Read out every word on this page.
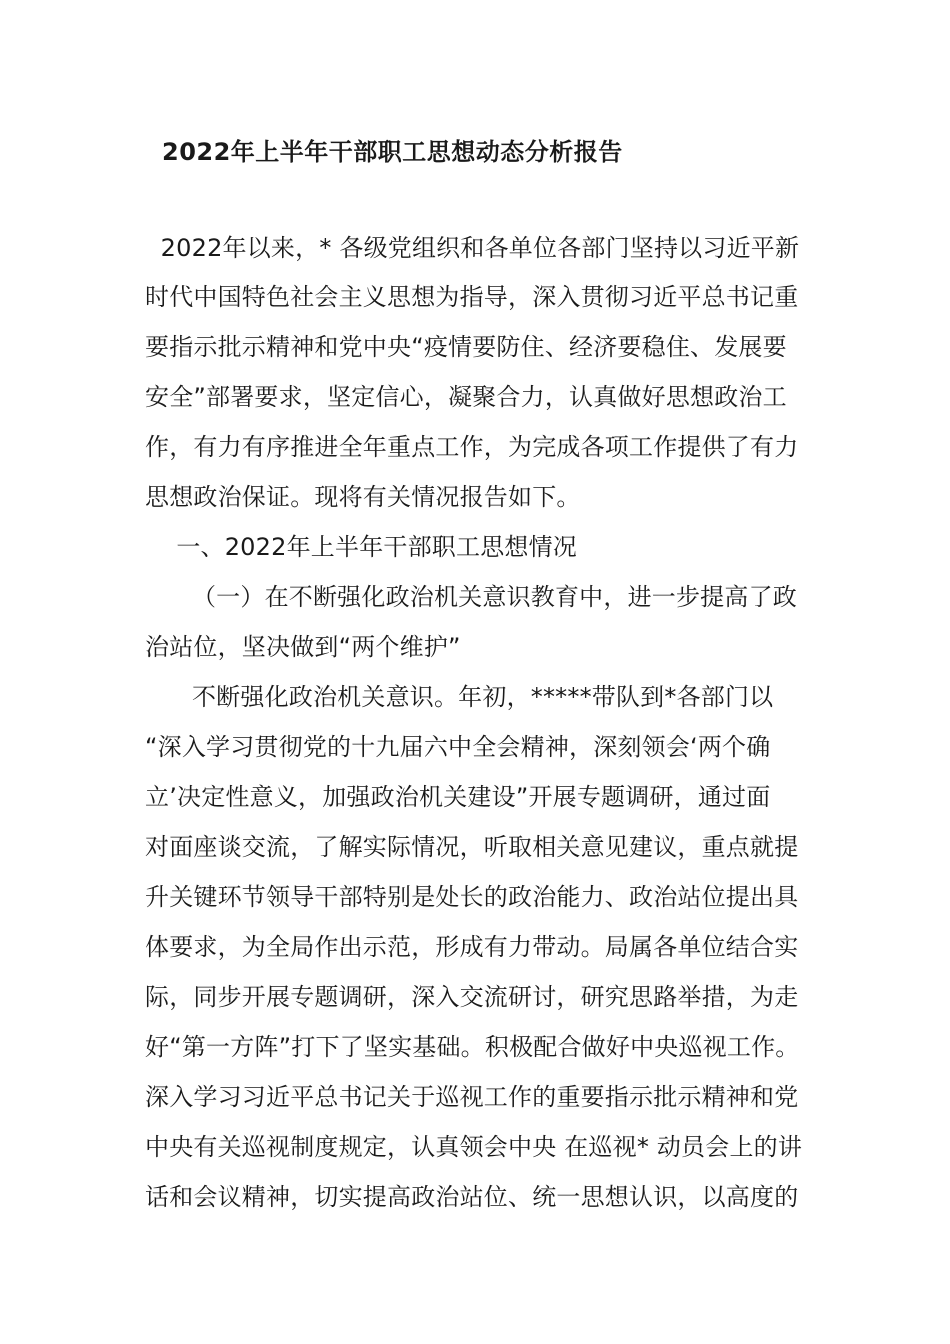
2022年上半年干部职工思想动态分析报告
2022年以来，* 各级党组织和各单位各部门坚持以习近平新
时代中国特色社会主义思想为指导，深入贯彻习近平总书记重
要指示批示精神和党中央“疫情要防住、经济要稳住、发展要
安全”部署要求，坚定信心，凝聚合力，认真做好思想政治工
作，有力有序推进全年重点工作，为完成各项工作提供了有力
思想政治保证。现将有关情况报告如下。
一、2022年上半年干部职工思想情况
（一）在不断强化政治机关意识教育中，进一步提高了政
治站位，坚决做到“两个维护”
不断强化政治机关意识。年初，*****带队到*各部门以
“深入学习贯彻党的十九届六中全会精神，深刻领会‘两个确
立’决定性意义，加强政治机关建设”开展专题调研，通过面
对面座谈交流，了解实际情况，听取相关意见建议，重点就提
升关键环节领导干部特别是处长的政治能力、政治站位提出具
体要求，为全局作出示范，形成有力带动。局属各单位结合实
际，同步开展专题调研，深入交流研讨，研究思路举措，为走
好“第一方阵”打下了坚实基础。积极配合做好中央巡视工作。
深入学习习近平总书记关于巡视工作的重要指示批示精神和党
中央有关巡视制度规定，认真领会中央 在巡视* 动员会上的讲
话和会议精神，切实提高政治站位、统一思想认识，以高度的
